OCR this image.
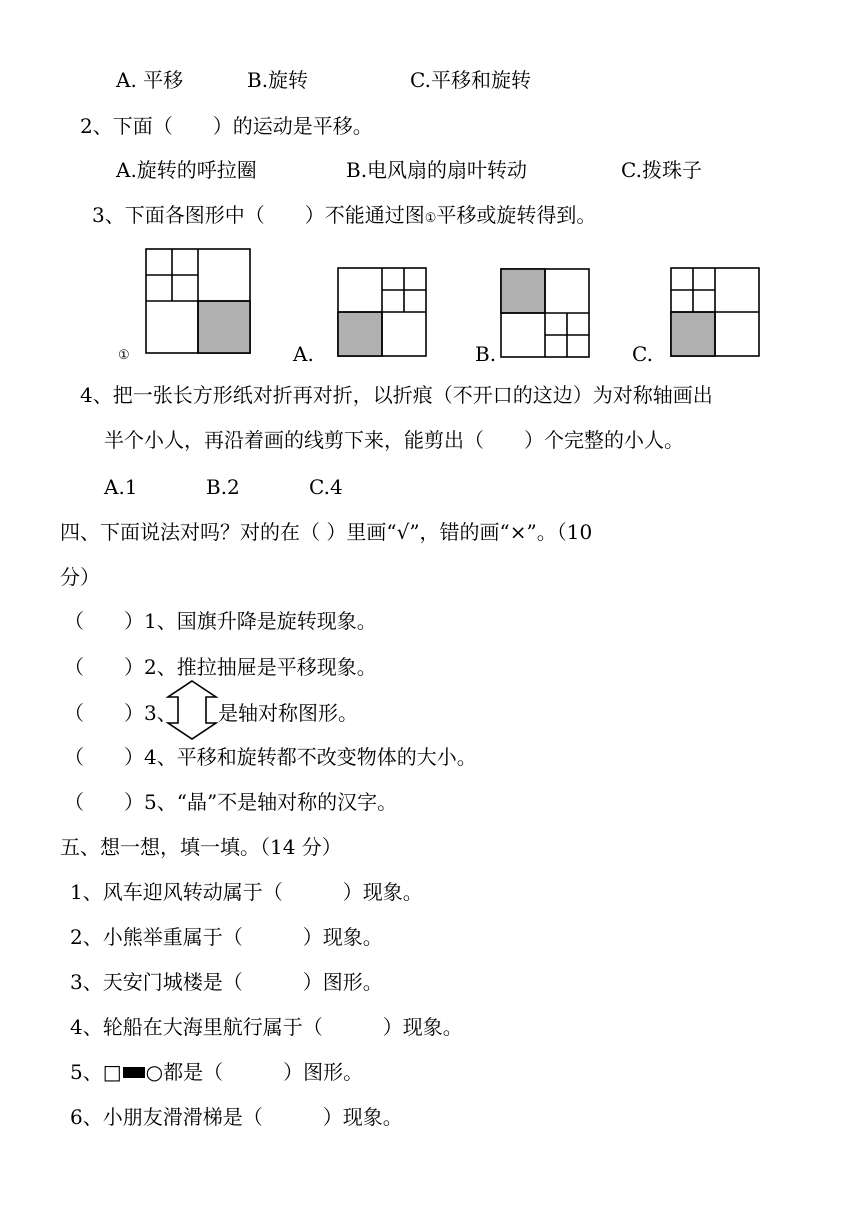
A. 平移	B.旋转	C.平移和旋转
2、下面（　　）的运动是平移。
A.旋转的呼拉圈	B.电风扇的扇叶转动	C.拨珠子
3、下面各图形中（　　）不能通过图①平移或旋转得到。
①	A.	B.	C.
4、把一张长方形纸对折再对折，以折痕（不开口的这边）为对称轴画出
半个小人，再沿着画的线剪下来，能剪出（　　）个完整的小人。
A.1	B.2	C.4
四、下面说法对吗？对的在（ ）里画“√”，错的画“×”。（10
分）
（　　）1、国旗升降是旋转现象。
（　　）2、推拉抽屉是平移现象。
（　　）3、 是轴对称图形。
（　　）4、平移和旋转都不改变物体的大小。
（　　）5、“晶”不是轴对称的汉字。
五、想一想，填一填。（14 分）
1、风车迎风转动属于（　　　）现象。
2、小熊举重属于（　　　）现象。
3、天安门城楼是（　　　）图形。
4、轮船在大海里航行属于（　　　）现象。
5、□ ○都是（　　　）图形。
6、小朋友滑滑梯是（　　　）现象。
